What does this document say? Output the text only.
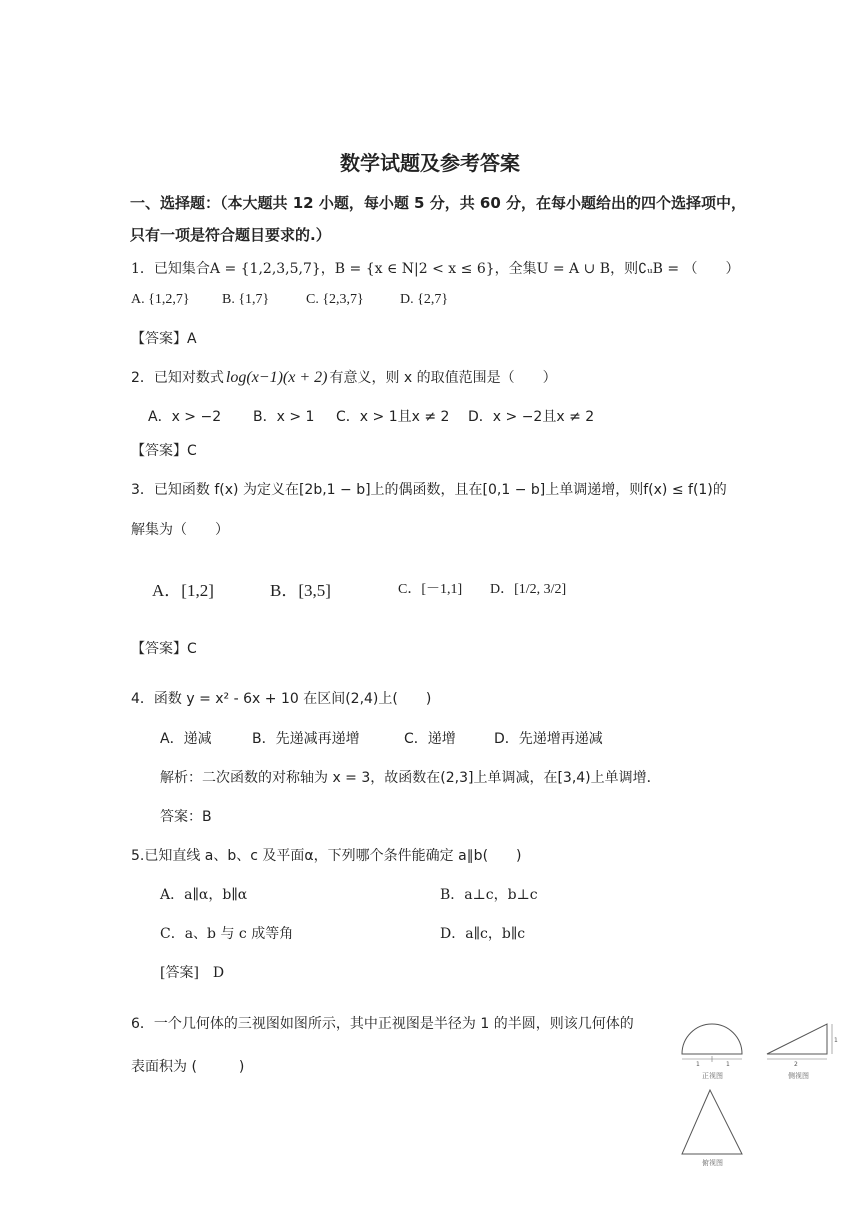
数学试题及参考答案
一、选择题：（本大题共 12 小题，每小题 5 分，共 60 分，在每小题给出的四个选择项中，
只有一项是符合题目要求的.）
1．已知集合A = {1,2,3,5,7}，B = {x ∈ N|2 < x ≤ 6}，全集U = A ∪ B，则∁ᵤB = （　　）
A. {1,2,7} B. {1,7}	C. {2,3,7}	D. {2,7}
【答案】A
2．已知对数式 log(x−1)(x + 2) 有意义，则 x 的取值范围是（　　）
A．x > −2 B．x > 1 C．x > 1且x ≠ 2 D．x > −2且x ≠ 2
【答案】C
3．已知函数 f(x) 为定义在[2b,1 − b]上的偶函数，且在[0,1 − b]上单调递增，则f(x) ≤ f(1)的
解集为（　　）
A．[1,2]	B．[3,5]	C．[－1,1] D．[1/2, 3/2]
【答案】C
4．函数 y = x² - 6x + 10 在区间(2,4)上(　　)
A．递减	B．先递减再递增	C．递增	D．先递增再递减
解析：二次函数的对称轴为 x = 3，故函数在(2,3]上单调减，在[3,4)上单调增．
答案：B
5.已知直线 a、b、c 及平面α，下列哪个条件能确定 a∥b(　　)
A．a∥α，b∥α	B．a⊥c，b⊥c
C．a、b 与 c 成等角	D．a∥c，b∥c
[答案]　D
6．一个几何体的三视图如图所示，其中正视图是半径为 1 的半圆，则该几何体的
表面积为 (　　　)	1	1
正视图
2
1
侧视图
俯视图
